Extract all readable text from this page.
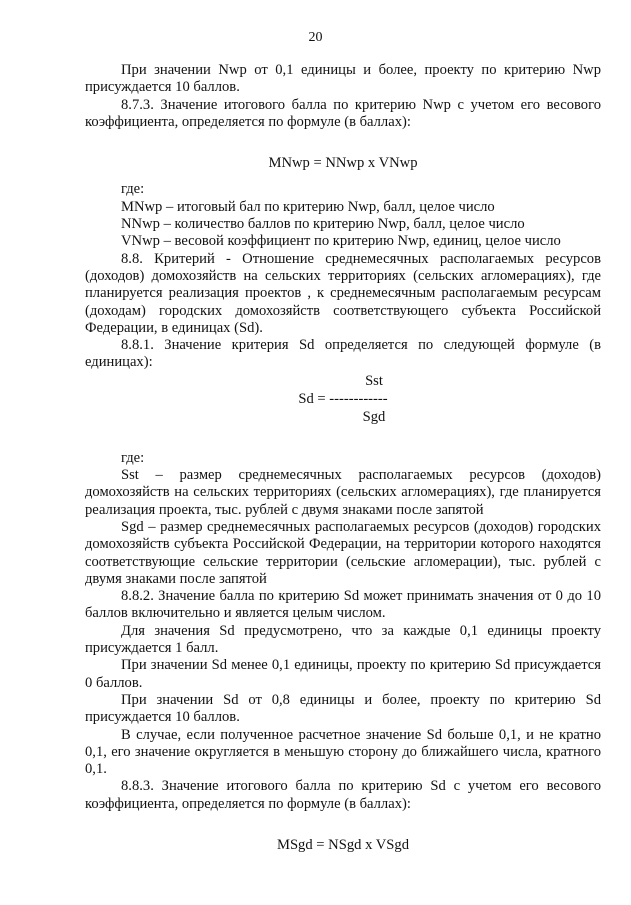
20

При значении Nwp от 0,1 единицы и более, проекту по критерию Nwp присуждается 10 баллов.

8.7.3. Значение итогового балла по критерию Nwp с учетом его весового коэффициента, определяется по формуле (в баллах):

MNwp = NNwp x VNwp

где:

MNwp – итоговый бал по критерию Nwp, балл, целое число

NNwp – количество баллов по критерию Nwp, балл, целое число

VNwp – весовой коэффициент по критерию Nwp, единиц, целое число

8.8. Критерий - Отношение среднемесячных располагаемых ресурсов (доходов) домохозяйств на сельских территориях (сельских агломерациях), где планируется реализация проектов , к среднемесячным располагаемым ресурсам (доходам) городских домохозяйств соответствующего субъекта Российской Федерации, в единицах (Sd).

8.8.1. Значение критерия Sd определяется по следующей формуле (в единицах):

Sst
Sd = ------------
Sgd

где:

Sst – размер среднемесячных располагаемых ресурсов (доходов) домохозяйств на сельских территориях (сельских агломерациях), где планируется реализация проекта, тыс. рублей с двумя знаками после запятой

Sgd – размер среднемесячных располагаемых ресурсов (доходов) городских домохозяйств субъекта Российской Федерации, на территории которого находятся соответствующие сельские территории (сельские агломерации), тыс. рублей с двумя знаками после запятой

8.8.2. Значение балла по критерию Sd может принимать значения от 0 до 10 баллов включительно и является целым числом.

Для значения Sd предусмотрено, что за каждые 0,1 единицы проекту присуждается 1 балл.

При значении Sd менее 0,1 единицы, проекту по критерию Sd присуждается 0 баллов.

При значении Sd от 0,8 единицы и более, проекту по критерию Sd присуждается 10 баллов.

В случае, если полученное расчетное значение Sd больше 0,1, и не кратно 0,1, его значение округляется в меньшую сторону до ближайшего числа, кратного 0,1.

8.8.3. Значение итогового балла по критерию Sd с учетом его весового коэффициента, определяется по формуле (в баллах):

MSgd = NSgd x VSgd
